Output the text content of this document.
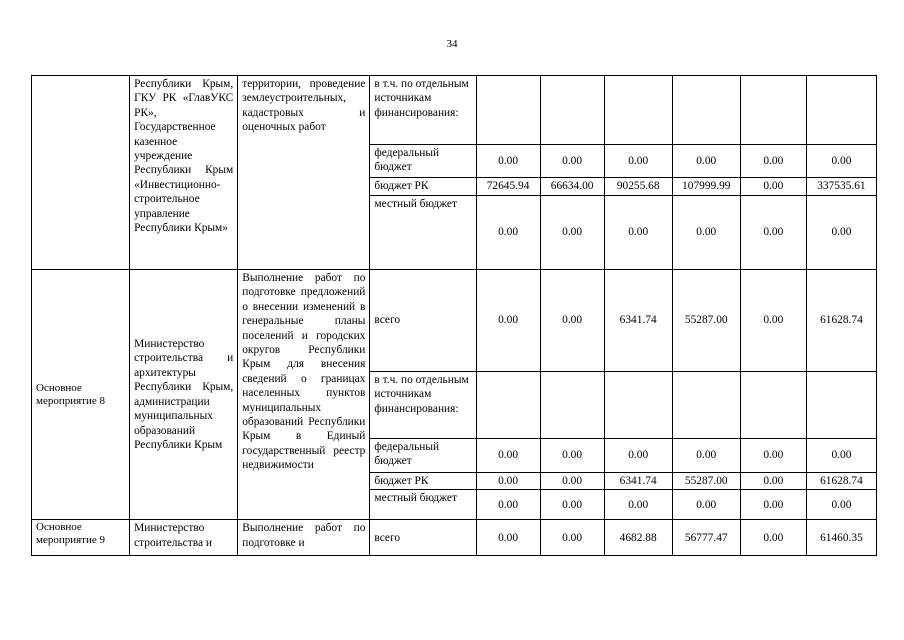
34
	Республики Крым, ГКУ РК «ГлавУКС РК», Государственное казенное учреждение Республики Крым «Инвестиционно-строительное управление Республики Крым»	территории, проведение землеустроительных, кадастровых и оценочных работ	в т.ч. по отдельным источникам финансирования:						
			федеральный бюджет	0.00	0.00	0.00	0.00	0.00	0.00
			бюджет РК	72645.94	66634.00	90255.68	107999.99	0.00	337535.61
			местный бюджет	0.00	0.00	0.00	0.00	0.00	0.00
Основное мероприятие 8	Министерство строительства и архитектуры Республики Крым, администрации муниципальных образований Республики Крым	Выполнение работ по подготовке предложений о внесении изменений в генеральные планы поселений и городских округов Республики Крым для внесения сведений о границах населенных пунктов муниципальных образований Республики Крым в Единый государственный реестр недвижимости	всего	0.00	0.00	6341.74	55287.00	0.00	61628.74
			в т.ч. по отдельным источникам финансирования:						
			федеральный бюджет	0.00	0.00	0.00	0.00	0.00	0.00
			бюджет РК	0.00	0.00	6341.74	55287.00	0.00	61628.74
			местный бюджет	0.00	0.00	0.00	0.00	0.00	0.00
Основное мероприятие 9	Министерство строительства и	Выполнение работ по подготовке и	всего	0.00	0.00	4682.88	56777.47	0.00	61460.35
